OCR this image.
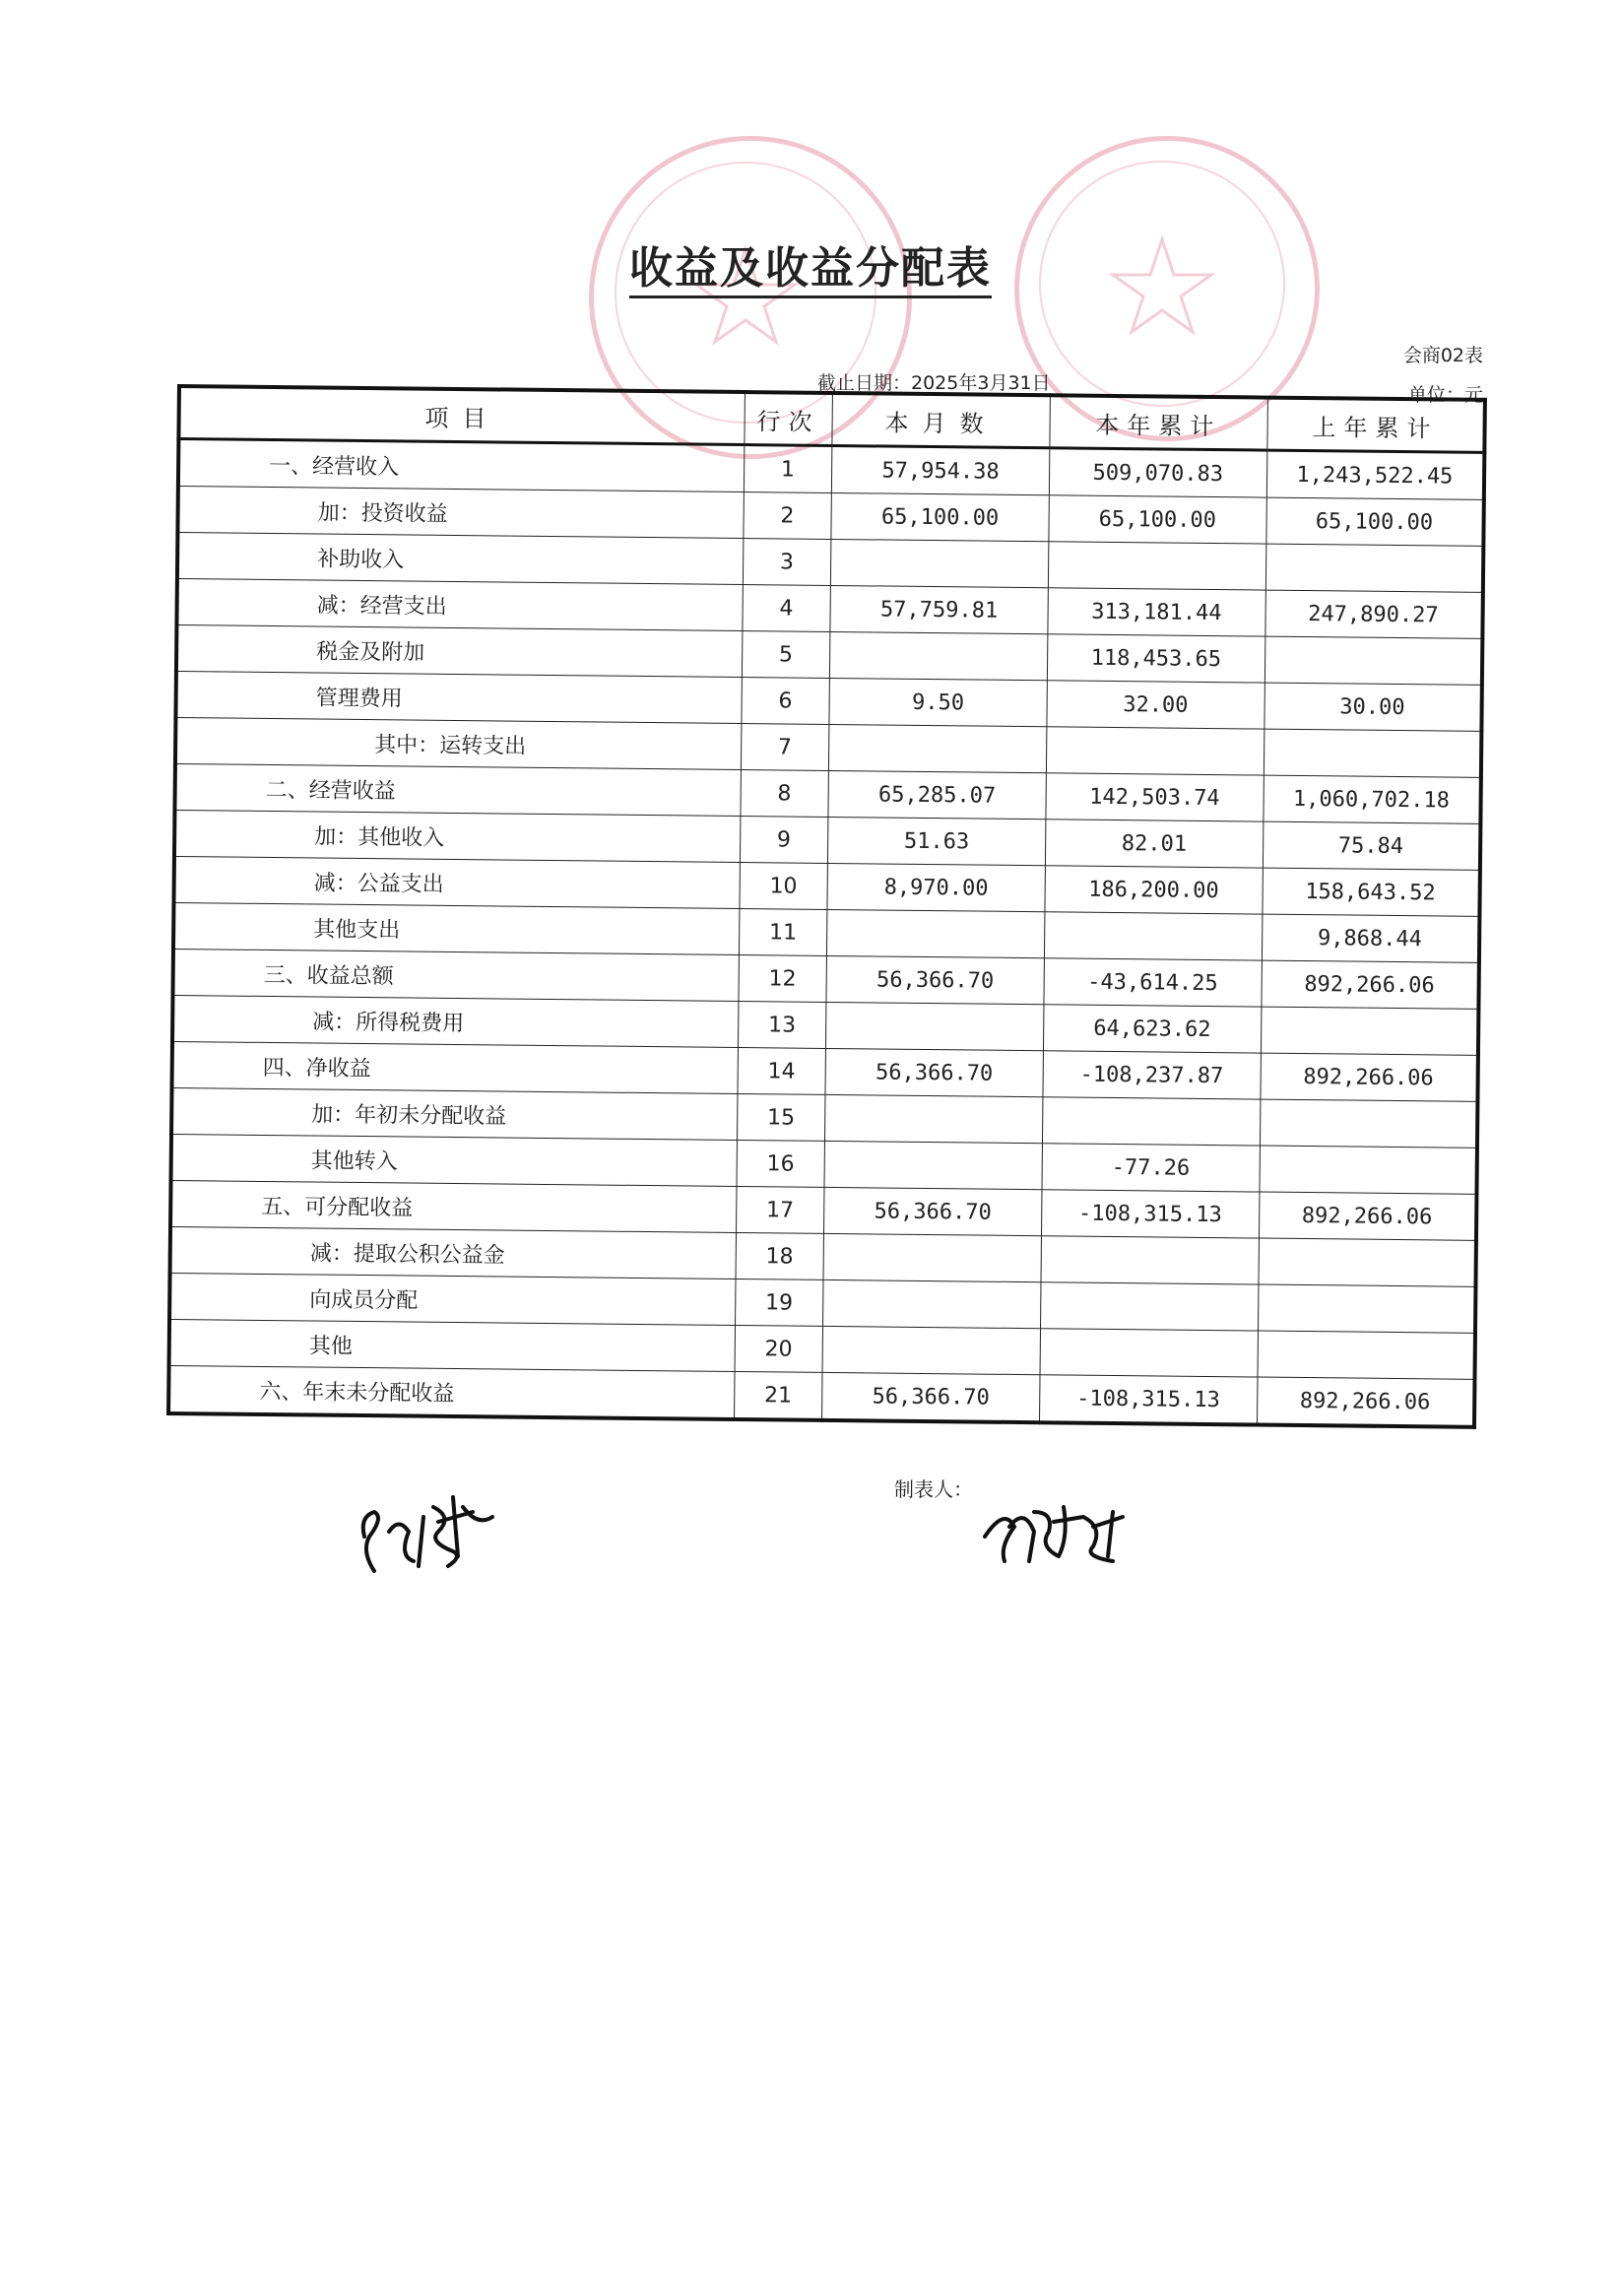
收益及收益分配表
会商02表
截止日期：2025年3月31日
单位：元
项目	行次	本月数	本年累计	上年累计
一、经营收入	1	57,954.38	509,070.83	1,243,522.45
加：投资收益	2	65,100.00	65,100.00	65,100.00
补助收入	3			
减：经营支出	4	57,759.81	313,181.44	247,890.27
税金及附加	5		118,453.65	
管理费用	6	9.50	32.00	30.00
其中：运转支出	7			
二、经营收益	8	65,285.07	142,503.74	1,060,702.18
加：其他收入	9	51.63	82.01	75.84
减：公益支出	10	8,970.00	186,200.00	158,643.52
其他支出	11			9,868.44
三、收益总额	12	56,366.70	-43,614.25	892,266.06
减：所得税费用	13		64,623.62	
四、净收益	14	56,366.70	-108,237.87	892,266.06
加：年初未分配收益	15			
其他转入	16		-77.26	
五、可分配收益	17	56,366.70	-108,315.13	892,266.06
减：提取公积公益金	18			
向成员分配	19			
其他	20			
六、年末未分配收益	21	56,366.70	-108,315.13	892,266.06
制表人：
